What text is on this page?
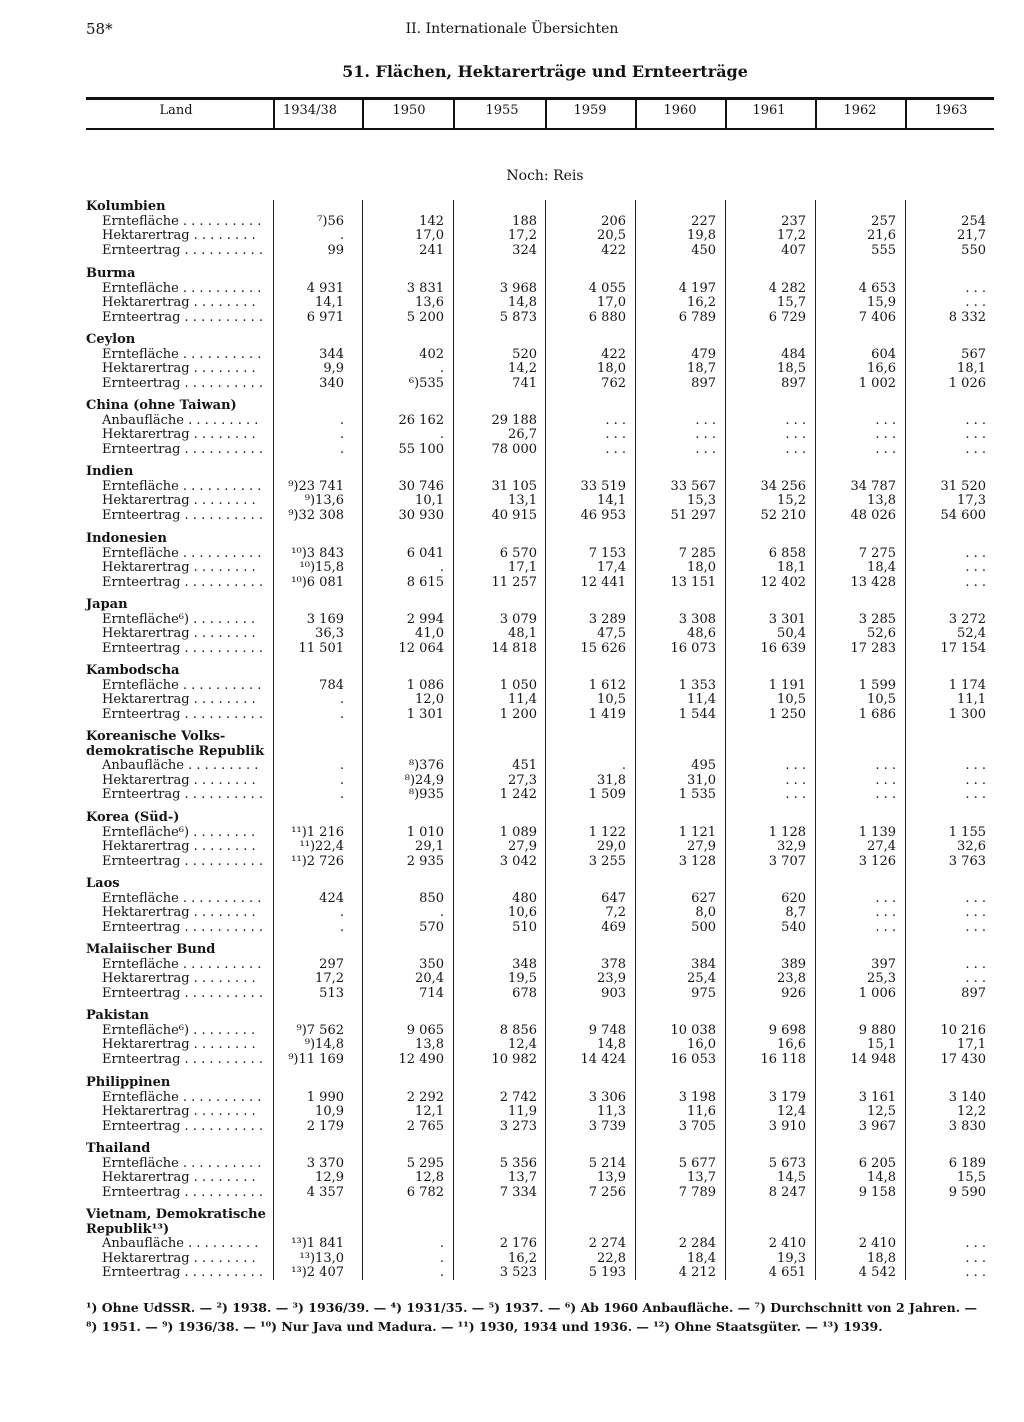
58*	II. Internationale Übersichten
51. Flächen, Hektarerträge und Ernteerträge
Land	1934/38	1950	1955	1959	1960	1961	1962	1963
Noch: Reis
Kolumbien
Erntefläche . . . . . . . . . .	⁷)56	142	188	206	227	237	257	254
Hektarertrag . . . . . . . .	.	17,0	17,2	20,5	19,8	17,2	21,6	21,7
Ernteertrag . . . . . . . . . .	99	241	324	422	450	407	555	550
Burma
Erntefläche . . . . . . . . . .	4 931	3 831	3 968	4 055	4 197	4 282	4 653	. . .
Hektarertrag . . . . . . . .	14,1	13,6	14,8	17,0	16,2	15,7	15,9	. . .
Ernteertrag . . . . . . . . . .	6 971	5 200	5 873	6 880	6 789	6 729	7 406	8 332
Ceylon
Erntefläche . . . . . . . . . .	344	402	520	422	479	484	604	567
Hektarertrag . . . . . . . .	9,9	.	14,2	18,0	18,7	18,5	16,6	18,1
Ernteertrag . . . . . . . . . .	340	⁶)535	741	762	897	897	1 002	1 026
China (ohne Taiwan)
Anbaufläche . . . . . . . . .	.	26 162	29 188	. . .	. . .	. . .	. . .	. . .
Hektarertrag . . . . . . . .	.	.	26,7	. . .	. . .	. . .	. . .	. . .
Ernteertrag . . . . . . . . . .	.	55 100	78 000	. . .	. . .	. . .	. . .	. . .
Indien
Erntefläche . . . . . . . . . .	⁹)23 741	30 746	31 105	33 519	33 567	34 256	34 787	31 520
Hektarertrag . . . . . . . .	⁹)13,6	10,1	13,1	14,1	15,3	15,2	13,8	17,3
Ernteertrag . . . . . . . . . .	⁹)32 308	30 930	40 915	46 953	51 297	52 210	48 026	54 600
Indonesien
Erntefläche . . . . . . . . . .	¹⁰)3 843	6 041	6 570	7 153	7 285	6 858	7 275	. . .
Hektarertrag . . . . . . . .	¹⁰)15,8	.	17,1	17,4	18,0	18,1	18,4	. . .
Ernteertrag . . . . . . . . . .	¹⁰)6 081	8 615	11 257	12 441	13 151	12 402	13 428	. . .
Japan
Erntefläche⁶) . . . . . . . .	3 169	2 994	3 079	3 289	3 308	3 301	3 285	3 272
Hektarertrag . . . . . . . .	36,3	41,0	48,1	47,5	48,6	50,4	52,6	52,4
Ernteertrag . . . . . . . . . .	11 501	12 064	14 818	15 626	16 073	16 639	17 283	17 154
Kambodscha
Erntefläche . . . . . . . . . .	784	1 086	1 050	1 612	1 353	1 191	1 599	1 174
Hektarertrag . . . . . . . .	.	12,0	11,4	10,5	11,4	10,5	10,5	11,1
Ernteertrag . . . . . . . . . .	.	1 301	1 200	1 419	1 544	1 250	1 686	1 300
Koreanische Volks-
demokratische Republik
Anbaufläche . . . . . . . . .	.	⁸)376	451	.	495	. . .	. . .	. . .
Hektarertrag . . . . . . . .	.	⁸)24,9	27,3	31,8	31,0	. . .	. . .	. . .
Ernteertrag . . . . . . . . . .	.	⁸)935	1 242	1 509	1 535	. . .	. . .	. . .
Korea (Süd-)
Erntefläche⁶) . . . . . . . .	¹¹)1 216	1 010	1 089	1 122	1 121	1 128	1 139	1 155
Hektarertrag . . . . . . . .	¹¹)22,4	29,1	27,9	29,0	27,9	32,9	27,4	32,6
Ernteertrag . . . . . . . . . .	¹¹)2 726	2 935	3 042	3 255	3 128	3 707	3 126	3 763
Laos
Erntefläche . . . . . . . . . .	424	850	480	647	627	620	. . .	. . .
Hektarertrag . . . . . . . .	.	.	10,6	7,2	8,0	8,7	. . .	. . .
Ernteertrag . . . . . . . . . .	.	570	510	469	500	540	. . .	. . .
Malaiischer Bund
Erntefläche . . . . . . . . . .	297	350	348	378	384	389	397	. . .
Hektarertrag . . . . . . . .	17,2	20,4	19,5	23,9	25,4	23,8	25,3	. . .
Ernteertrag . . . . . . . . . .	513	714	678	903	975	926	1 006	897
Pakistan
Erntefläche⁶) . . . . . . . .	⁹)7 562	9 065	8 856	9 748	10 038	9 698	9 880	10 216
Hektarertrag . . . . . . . .	⁹)14,8	13,8	12,4	14,8	16,0	16,6	15,1	17,1
Ernteertrag . . . . . . . . . .	⁹)11 169	12 490	10 982	14 424	16 053	16 118	14 948	17 430
Philippinen
Erntefläche . . . . . . . . . .	1 990	2 292	2 742	3 306	3 198	3 179	3 161	3 140
Hektarertrag . . . . . . . .	10,9	12,1	11,9	11,3	11,6	12,4	12,5	12,2
Ernteertrag . . . . . . . . . .	2 179	2 765	3 273	3 739	3 705	3 910	3 967	3 830
Thailand
Erntefläche . . . . . . . . . .	3 370	5 295	5 356	5 214	5 677	5 673	6 205	6 189
Hektarertrag . . . . . . . .	12,9	12,8	13,7	13,9	13,7	14,5	14,8	15,5
Ernteertrag . . . . . . . . . .	4 357	6 782	7 334	7 256	7 789	8 247	9 158	9 590
Vietnam, Demokratische
Republik¹³)
Anbaufläche . . . . . . . . .	¹³)1 841	.	2 176	2 274	2 284	2 410	2 410	. . .
Hektarertrag . . . . . . . .	¹³)13,0	.	16,2	22,8	18,4	19,3	18,8	. . .
Ernteertrag . . . . . . . . . .	¹³)2 407	.	3 523	5 193	4 212	4 651	4 542	. . .
¹) Ohne UdSSR. — ²) 1938. — ³) 1936/39. — ⁴) 1931/35. — ⁵) 1937. — ⁶) Ab 1960 Anbaufläche. — ⁷) Durchschnitt von 2 Jahren. —
⁸) 1951. — ⁹) 1936/38. — ¹⁰) Nur Java und Madura. — ¹¹) 1930, 1934 und 1936. — ¹²) Ohne Staatsgüter. — ¹³) 1939.
